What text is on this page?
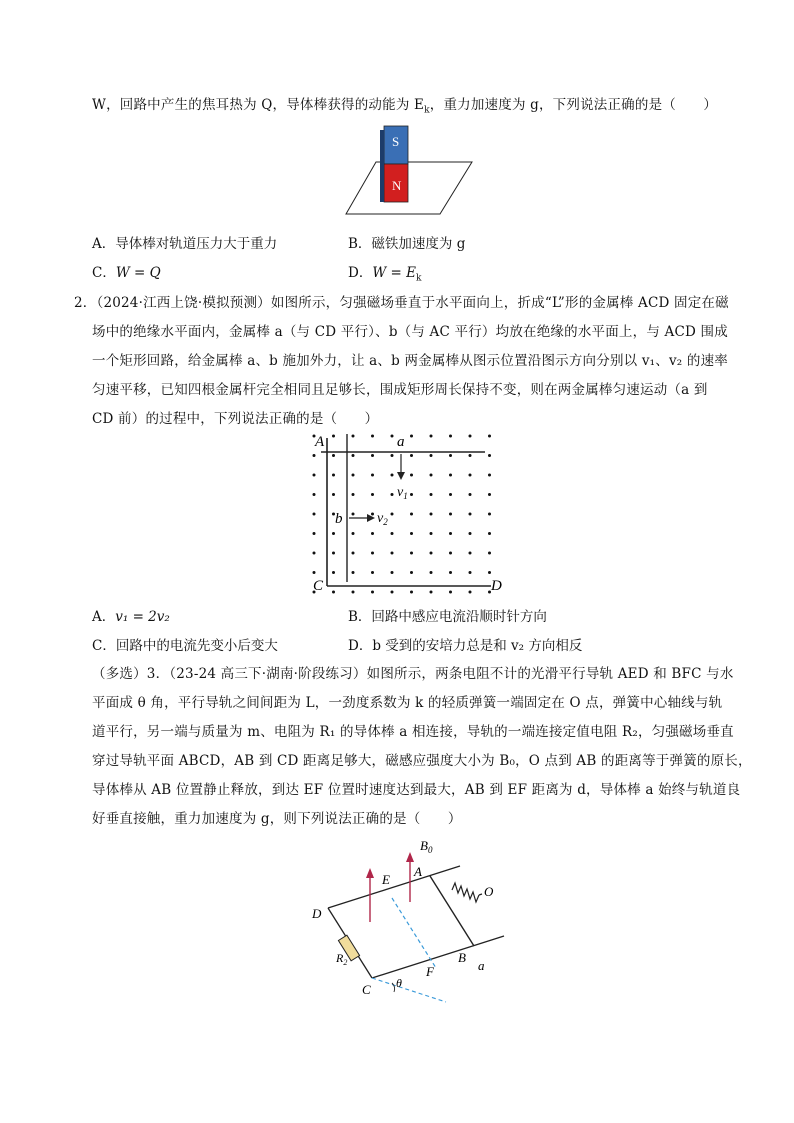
W，回路中产生的焦耳热为 Q，导体棒获得的动能为 $E_k$，重力加速度为 g，下列说法正确的是（　　）
S
N
A．导体棒对轨道压力大于重力	B．磁铁加速度为 g
C．W = Q	D．$W = E_k$
2．（2024·江西上饶·模拟预测）如图所示，匀强磁场垂直于水平面向上，折成“L”形的金属棒 ACD 固定在磁
场中的绝缘水平面内，金属棒 a（与 CD 平行）、b（与 AC 平行）均放在绝缘的水平面上，与 ACD 围成
一个矩形回路，给金属棒 a、b 施加外力，让 a、b 两金属棒从图示位置沿图示方向分别以 v₁、v₂ 的速率
匀速平移，已知四根金属杆完全相同且足够长，围成矩形周长保持不变，则在两金属棒匀速运动（a 到
CD 前）的过程中，下列说法正确的是（　　）
A
C	D
a
b
$v_1$
$v_2$
A．v₁ = 2v₂	B．回路中感应电流沿顺时针方向
C．回路中的电流先变小后变大	D．b 受到的安培力总是和 v₂ 方向相反
（多选）3．（23-24 高三下·湖南·阶段练习）如图所示，两条电阻不计的光滑平行导轨 AED 和 BFC 与水
平面成 θ 角，平行导轨之间间距为 L，一劲度系数为 k 的轻质弹簧一端固定在 O 点，弹簧中心轴线与轨
道平行，另一端与质量为 m、电阻为 R₁ 的导体棒 a 相连接，导轨的一端连接定值电阻 R₂，匀强磁场垂直
穿过导轨平面 ABCD，AB 到 CD 距离足够大，磁感应强度大小为 B₀，O 点到 AB 的距离等于弹簧的原长，
导体棒从 AB 位置静止释放，到达 EF 位置时速度达到最大，AB 到 EF 距离为 d，导体棒 a 始终与轨道良
好垂直接触，重力加速度为 g，则下列说法正确的是（　　）
$B_0$
E
A
O
D
$R_2$
F
B
a
C θ
